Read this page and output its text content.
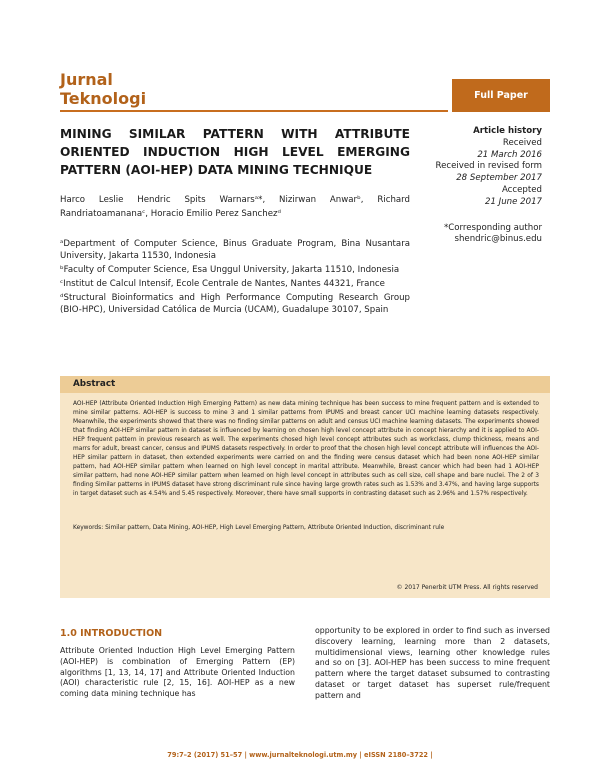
Jurnal
Teknologi	Full Paper
MINING SIMILAR PATTERN WITH ATTRIBUTE ORIENTED INDUCTION HIGH LEVEL EMERGING PATTERN (AOI-HEP) DATA MINING TECHNIQUE
Harco Leslie Hendric Spits Warnarsᵃ*, Nizirwan Anwarᵇ, Richard Randriatoamananaᶜ, Horacio Emilio Perez Sanchezᵈ
ᵃDepartment of Computer Science, Binus Graduate Program, Bina Nusantara University, Jakarta 11530, Indonesia
ᵇFaculty of Computer Science, Esa Unggul University, Jakarta 11510, Indonesia
ᶜInstitut de Calcul Intensif, Ecole Centrale de Nantes, Nantes 44321, France
ᵈStructural Bioinformatics and High Performance Computing Research Group (BIO-HPC), Universidad Católica de Murcia (UCAM), Guadalupe 30107, Spain
Article history
Received
21 March 2016
Received in revised form
28 September 2017
Accepted
21 June 2017
*Corresponding author
shendric@binus.edu
Abstract
AOI-HEP (Attribute Oriented Induction High Emerging Pattern) as new data mining technique has been success to mine frequent pattern and is extended to mine similar patterns. AOI-HEP is success to mine 3 and 1 similar patterns from IPUMS and breast cancer UCI machine learning datasets respectively. Meanwhile, the experiments showed that there was no finding similar patterns on adult and census UCI machine learning datasets. The experiments showed that finding AOI-HEP similar pattern in dataset is influenced by learning on chosen high level concept attribute in concept hierarchy and it is applied to AOI-HEP frequent pattern in previous research as well. The experiments chosed high level concept attributes such as workclass, clump thickness, means and marrs for adult, breast cancer, census and IPUMS datasets respectively. In order to proof that the chosen high level concept attribute will influences the AOI-HEP similar pattern in dataset, then extended experiments were carried on and the finding were census dataset which had been none AOI-HEP similar pattern, had AOI-HEP similar pattern when learned on high level concept in marital attribute. Meanwhile, Breast cancer which had been had 1 AOI-HEP similar pattern, had none AOI-HEP similar pattern when learned on high level concept in attributes such as cell size, cell shape and bare nuclei. The 2 of 3 finding Similar patterns in IPUMS dataset have strong discriminant rule since having large growth rates such as 1.53% and 3.47%, and having large supports in target dataset such as 4.54% and 5.45 respectively. Moreover, there have small supports in contrasting dataset such as 2.96% and 1.57% respectively.
Keywords: Similar pattern, Data Mining, AOI-HEP, High Level Emerging Pattern, Attribute Oriented Induction, discriminant rule
© 2017 Penerbit UTM Press. All rights reserved
1.0 INTRODUCTION
Attribute Oriented Induction High Level Emerging Pattern (AOI-HEP) is combination of Emerging Pattern (EP) algorithms [1, 13, 14, 17] and Attribute Oriented Induction (AOI) characteristic rule [2, 15, 16]. AOI-HEP as a new coming data mining technique has
opportunity to be explored in order to find such as inversed discovery learning, learning more than 2 datasets, multidimensional views, learning other knowledge rules and so on [3]. AOI-HEP has been success to mine frequent pattern where the target dataset subsumed to contrasting dataset or target dataset has superset rule/frequent pattern and
79:7–2 (2017) 51–57 | www.jurnalteknologi.utm.my | eISSN 2180–3722 |
